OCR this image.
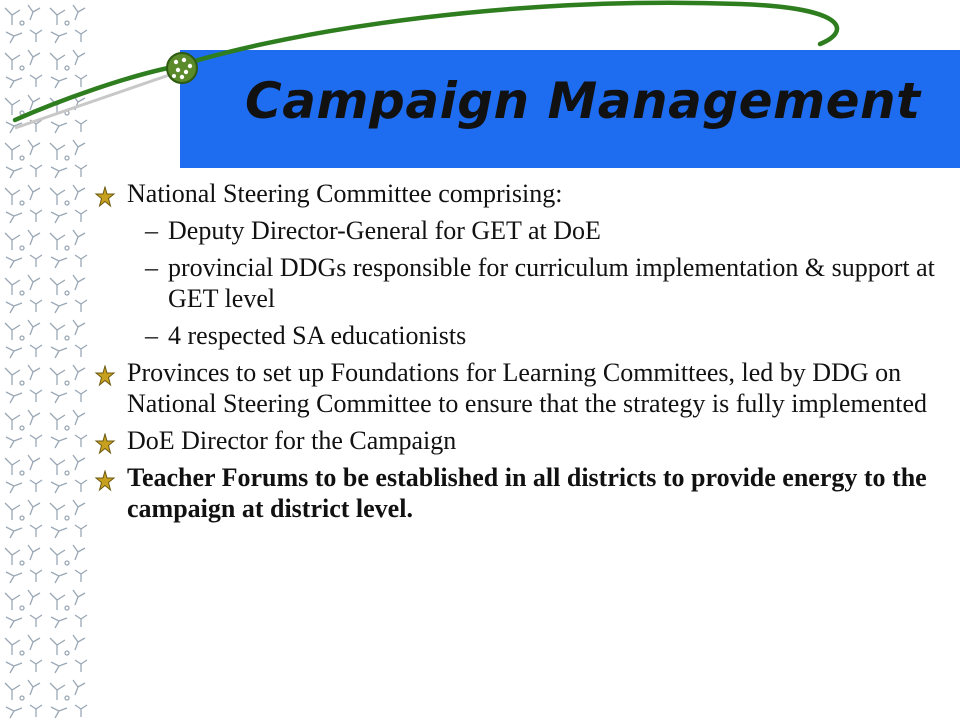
Campaign Management
National Steering Committee comprising:
– Deputy Director-General for GET at DoE
– provincial DDGs responsible for curriculum implementation & support at GET level
– 4 respected SA educationists
Provinces to set up Foundations for Learning Committees, led by DDG on National Steering Committee to ensure that the strategy is fully implemented
DoE Director for the Campaign
Teacher Forums to be established in all districts to provide energy to the campaign at district level.
